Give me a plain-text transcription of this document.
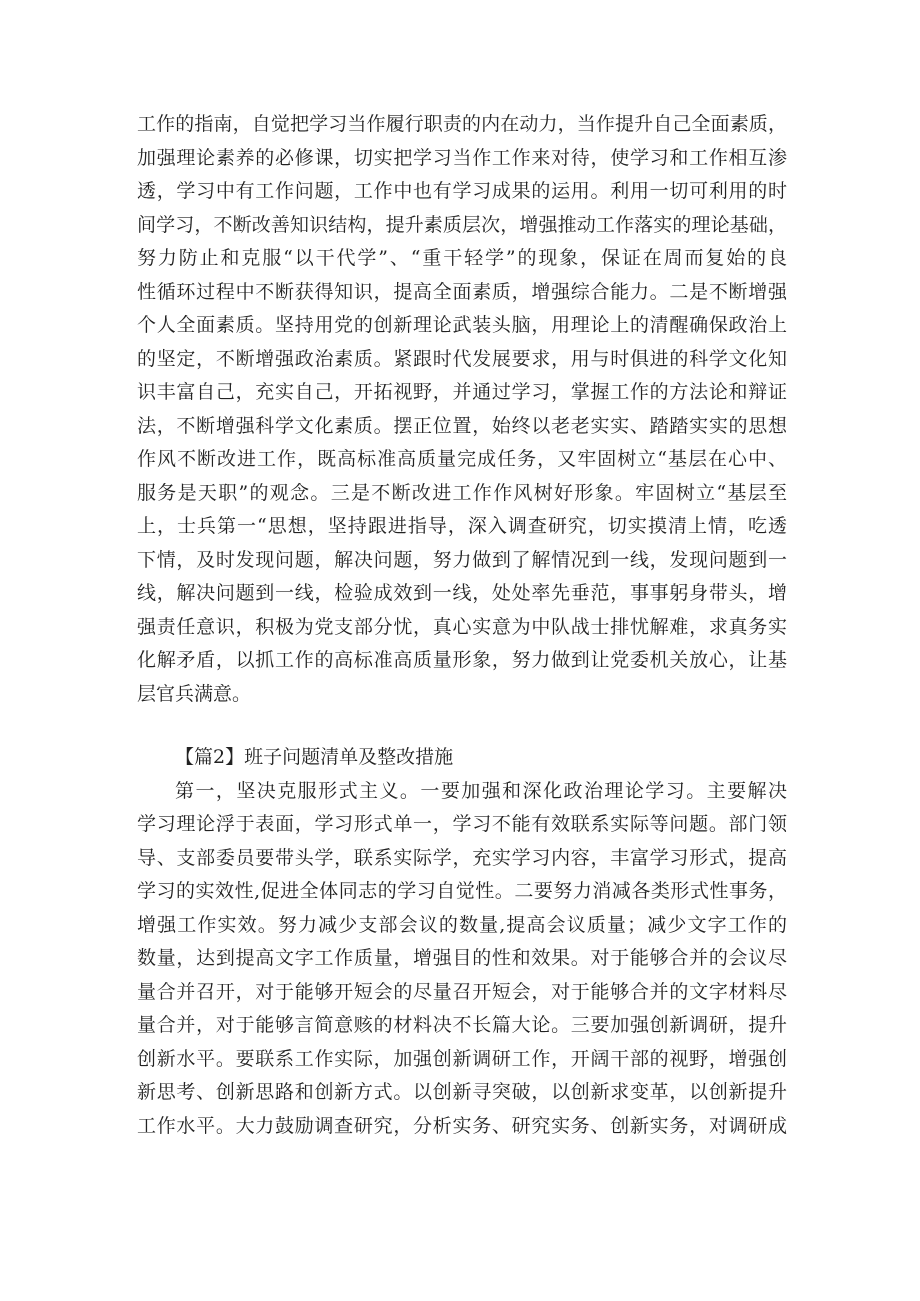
工作的指南，自觉把学习当作履行职责的内在动力，当作提升自己全面素质，
加强理论素养的必修课，切实把学习当作工作来对待，使学习和工作相互渗
透，学习中有工作问题，工作中也有学习成果的运用。利用一切可利用的时
间学习，不断改善知识结构，提升素质层次，增强推动工作落实的理论基础，
努力防止和克服“以干代学”、“重干轻学”的现象，保证在周而复始的良
性循环过程中不断获得知识，提高全面素质，增强综合能力。二是不断增强
个人全面素质。坚持用党的创新理论武装头脑，用理论上的清醒确保政治上
的坚定，不断增强政治素质。紧跟时代发展要求，用与时俱进的科学文化知
识丰富自己，充实自己，开拓视野，并通过学习，掌握工作的方法论和辩证
法，不断增强科学文化素质。摆正位置，始终以老老实实、踏踏实实的思想
作风不断改进工作，既高标准高质量完成任务，又牢固树立“基层在心中、
服务是天职”的观念。三是不断改进工作作风树好形象。牢固树立“基层至
上，士兵第一“思想，坚持跟进指导，深入调查研究，切实摸清上情，吃透
下情，及时发现问题，解决问题，努力做到了解情况到一线，发现问题到一
线，解决问题到一线，检验成效到一线，处处率先垂范，事事躬身带头，增
强责任意识，积极为党支部分忧，真心实意为中队战士排忧解难，求真务实
化解矛盾，以抓工作的高标准高质量形象，努力做到让党委机关放心，让基
层官兵满意。
【篇2】班子问题清单及整改措施
第一，坚决克服形式主义。一要加强和深化政治理论学习。主要解决
学习理论浮于表面，学习形式单一，学习不能有效联系实际等问题。部门领
导、支部委员要带头学，联系实际学，充实学习内容，丰富学习形式，提高
学习的实效性,促进全体同志的学习自觉性。二要努力消减各类形式性事务，
增强工作实效。努力减少支部会议的数量,提高会议质量；减少文字工作的
数量，达到提高文字工作质量，增强目的性和效果。对于能够合并的会议尽
量合并召开，对于能够开短会的尽量召开短会，对于能够合并的文字材料尽
量合并，对于能够言简意赅的材料决不长篇大论。三要加强创新调研，提升
创新水平。要联系工作实际，加强创新调研工作，开阔干部的视野，增强创
新思考、创新思路和创新方式。以创新寻突破，以创新求变革，以创新提升
工作水平。大力鼓励调查研究，分析实务、研究实务、创新实务，对调研成
